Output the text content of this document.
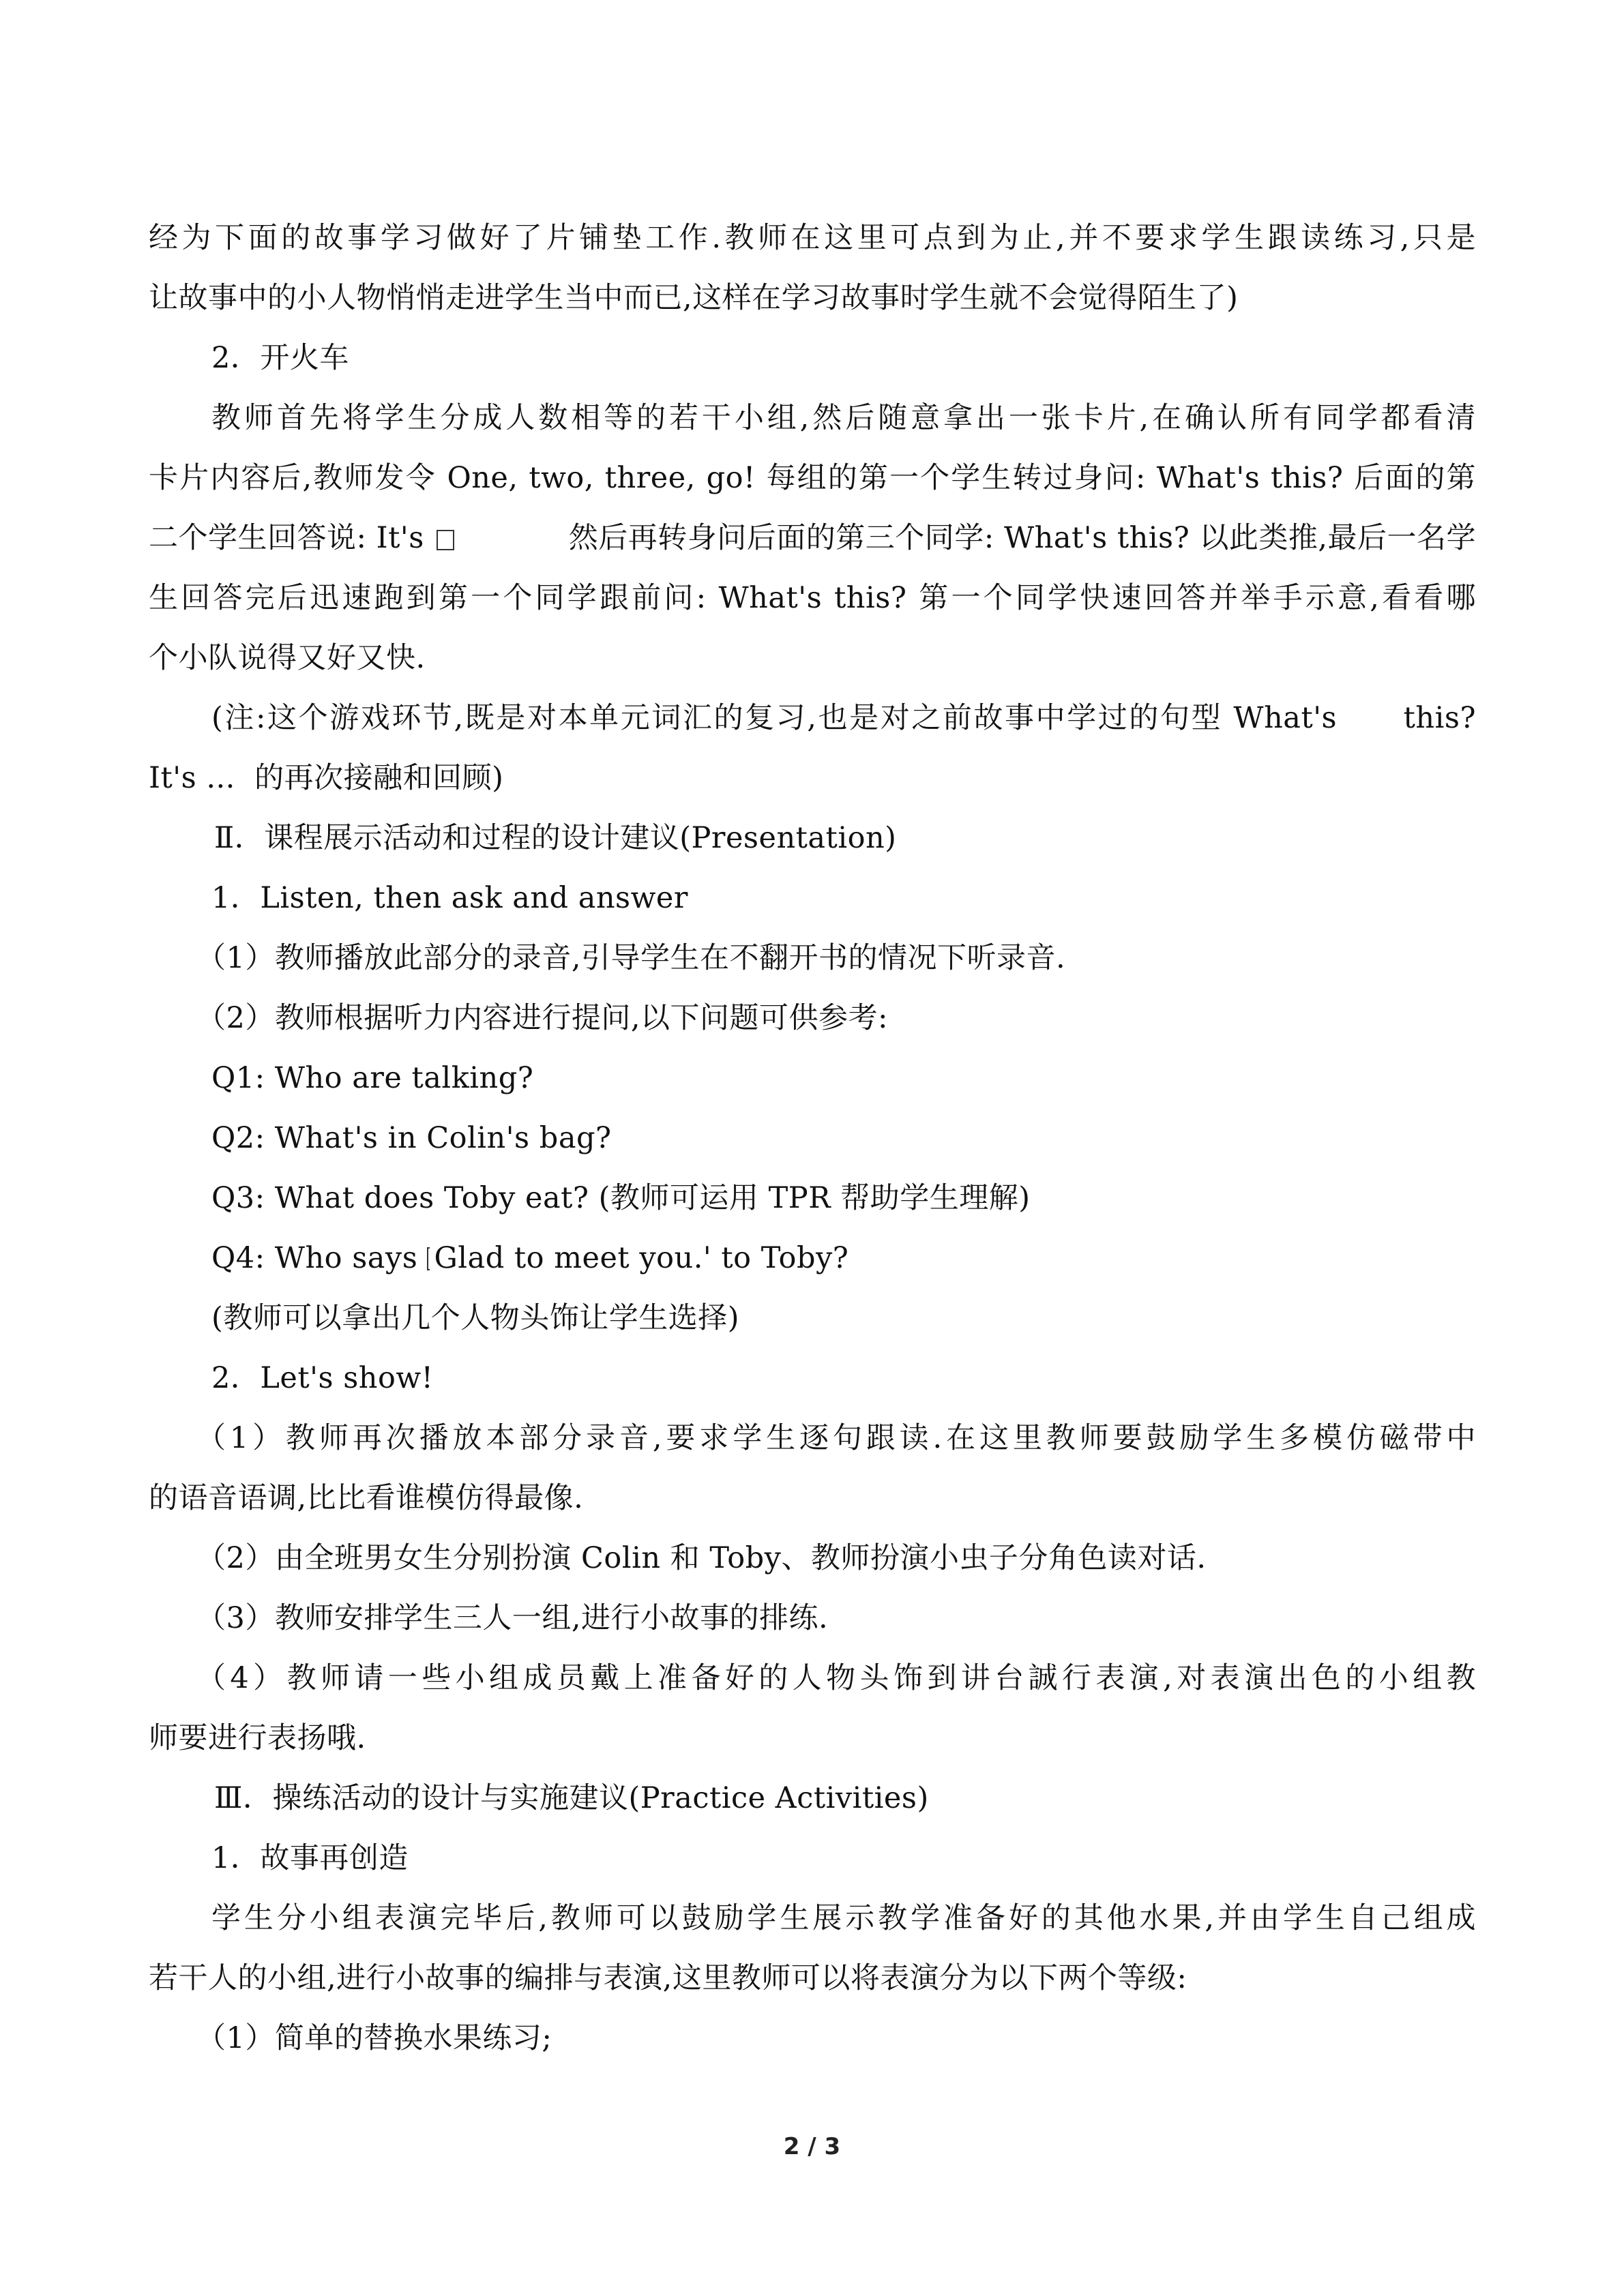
经为下面的故事学习做好了片铺垫工作.教师在这里可点到为止,并不要求学生跟读练习,只是
让故事中的小人物悄悄走进学生当中而已,这样在学习故事时学生就不会觉得陌生了)
2．开火车
教师首先将学生分成人数相等的若干小组,然后随意拿出一张卡片,在确认所有同学都看清
卡片内容后,教师发令 One, two, three, go! 每组的第一个学生转过身问: What's this? 后面的第
二个学生回答说: It's	然后再转身问后面的第三个同学: What's this? 以此类推,最后一名学
生回答完后迅速跑到第一个同学跟前问: What's this? 第一个同学快速回答并举手示意,看看哪
个小队说得又好又快.
(注:这个游戏环节,既是对本单元词汇的复习,也是对之前故事中学过的句型 What's      this?
It's ...  的再次接融和回顾)
Ⅱ．课程展示活动和过程的设计建议(Presentation)
1．Listen, then ask and answer
（1）教师播放此部分的录音,引导学生在不翻开书的情况下听录音.
（2）教师根据听力内容进行提问,以下问题可供参考:
Q1: Who are talking?
Q2: What's in Colin's bag?
Q3: What does Toby eat? (教师可运用 TPR 帮助学生理解)
Q4: Who says Glad to meet you.' to Toby?
(教师可以拿出几个人物头饰让学生选择)
2．Let's show!
（1）教师再次播放本部分录音,要求学生逐句跟读.在这里教师要鼓励学生多模仿磁带中
的语音语调,比比看谁模仿得最像.
（2）由全班男女生分别扮演 Colin 和 Toby、教师扮演小虫子分角色读对话.
（3）教师安排学生三人一组,进行小故事的排练.
（4）教师请一些小组成员戴上准备好的人物头饰到讲台誠行表演,对表演出色的小组教
师要进行表扬哦.
Ⅲ．操练活动的设计与实施建议(Practice Activities)
1．故事再创造
学生分小组表演完毕后,教师可以鼓励学生展示教学准备好的其他水果,并由学生自己组成
若干人的小组,进行小故事的编排与表演,这里教师可以将表演分为以下两个等级:
（1）简单的替换水果练习;
2 / 3
